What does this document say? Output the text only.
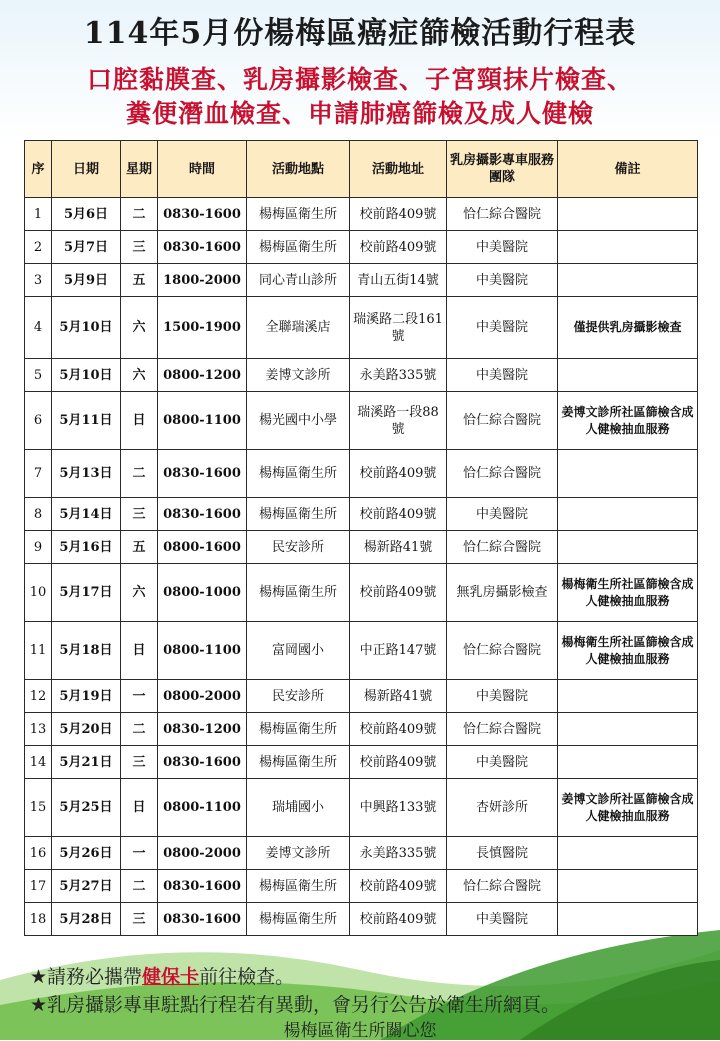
114年5月份楊梅區癌症篩檢活動行程表
口腔黏膜查、乳房攝影檢查、子宮頸抹片檢查、
糞便潛血檢查、申請肺癌篩檢及成人健檢
序	日期	星期	時間	活動地點	活動地址	乳房攝影專車服務團隊	備註
1	5月6日	二	0830-1600	楊梅區衛生所	校前路409號	恰仁綜合醫院	
2	5月7日	三	0830-1600	楊梅區衛生所	校前路409號	中美醫院	
3	5月9日	五	1800-2000	同心青山診所	青山五街14號	中美醫院	
4	5月10日	六	1500-1900	全聯瑞溪店	瑞溪路二段161號	中美醫院	僅提供乳房攝影檢查
5	5月10日	六	0800-1200	姜博文診所	永美路335號	中美醫院	
6	5月11日	日	0800-1100	楊光國中小學	瑞溪路一段88號	恰仁綜合醫院	姜博文診所社區篩檢含成人健檢抽血服務
7	5月13日	二	0830-1600	楊梅區衛生所	校前路409號	恰仁綜合醫院	
8	5月14日	三	0830-1600	楊梅區衛生所	校前路409號	中美醫院	
9	5月16日	五	0800-1600	民安診所	楊新路41號	恰仁綜合醫院	
10	5月17日	六	0800-1000	楊梅區衛生所	校前路409號	無乳房攝影檢查	楊梅衛生所社區篩檢含成人健檢抽血服務
11	5月18日	日	0800-1100	富岡國小	中正路147號	恰仁綜合醫院	楊梅衛生所社區篩檢含成人健檢抽血服務
12	5月19日	一	0800-2000	民安診所	楊新路41號	中美醫院	
13	5月20日	二	0830-1200	楊梅區衛生所	校前路409號	恰仁綜合醫院	
14	5月21日	三	0830-1600	楊梅區衛生所	校前路409號	中美醫院	
15	5月25日	日	0800-1100	瑞埔國小	中興路133號	杏妍診所	姜博文診所社區篩檢含成人健檢抽血服務
16	5月26日	一	0800-2000	姜博文診所	永美路335號	長慎醫院	
17	5月27日	二	0830-1600	楊梅區衛生所	校前路409號	恰仁綜合醫院	
18	5月28日	三	0830-1600	楊梅區衛生所	校前路409號	中美醫院	
★請務必攜帶健保卡前往檢查。
★乳房攝影專車駐點行程若有異動，會另行公告於衛生所網頁。
楊梅區衛生所關心您
